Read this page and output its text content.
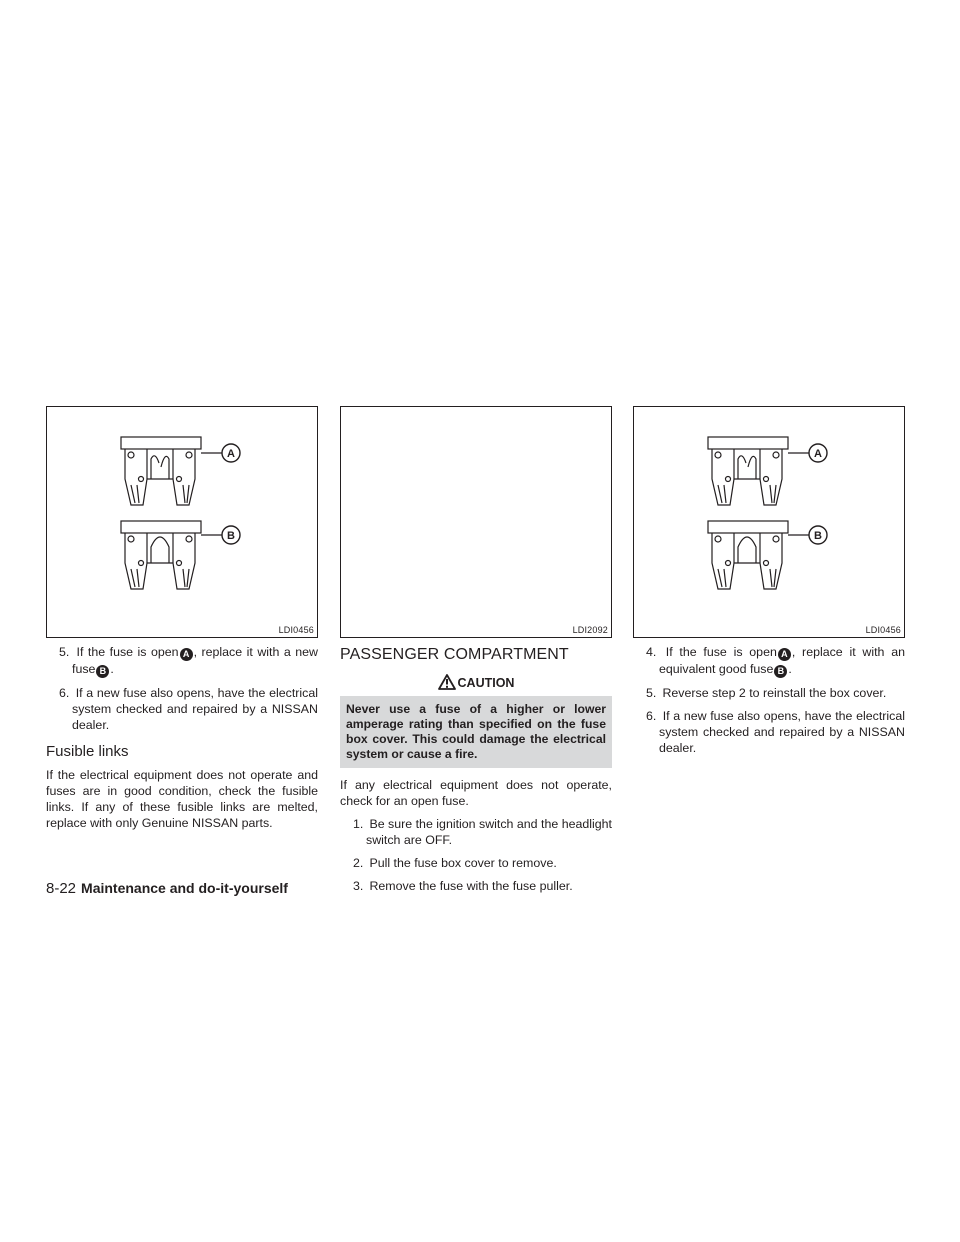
A
B
LDI0456

5. If the fuse is open A , replace it with a new fuse B .

6. If a new fuse also opens, have the electrical system checked and repaired by a NISSAN dealer.

Fusible links

If the electrical equipment does not operate and fuses are in good condition, check the fusible links. If any of these fusible links are melted, replace with only Genuine NISSAN parts.

LDI2092
PASSENGER COMPARTMENT
CAUTION
Never use a fuse of a higher or lower amperage rating than specified on the fuse box cover. This could damage the electrical system or cause a fire.

If any electrical equipment does not operate, check for an open fuse.

1. Be sure the ignition switch and the headlight switch are OFF.

2. Pull the fuse box cover to remove.

3. Remove the fuse with the fuse puller.

A
B
LDI0456

4. If the fuse is open A , replace it with an equivalent good fuse B .

5. Reverse step 2 to reinstall the box cover.

6. If a new fuse also opens, have the electrical system checked and repaired by a NISSAN dealer.

8-22 Maintenance and do-it-yourself
